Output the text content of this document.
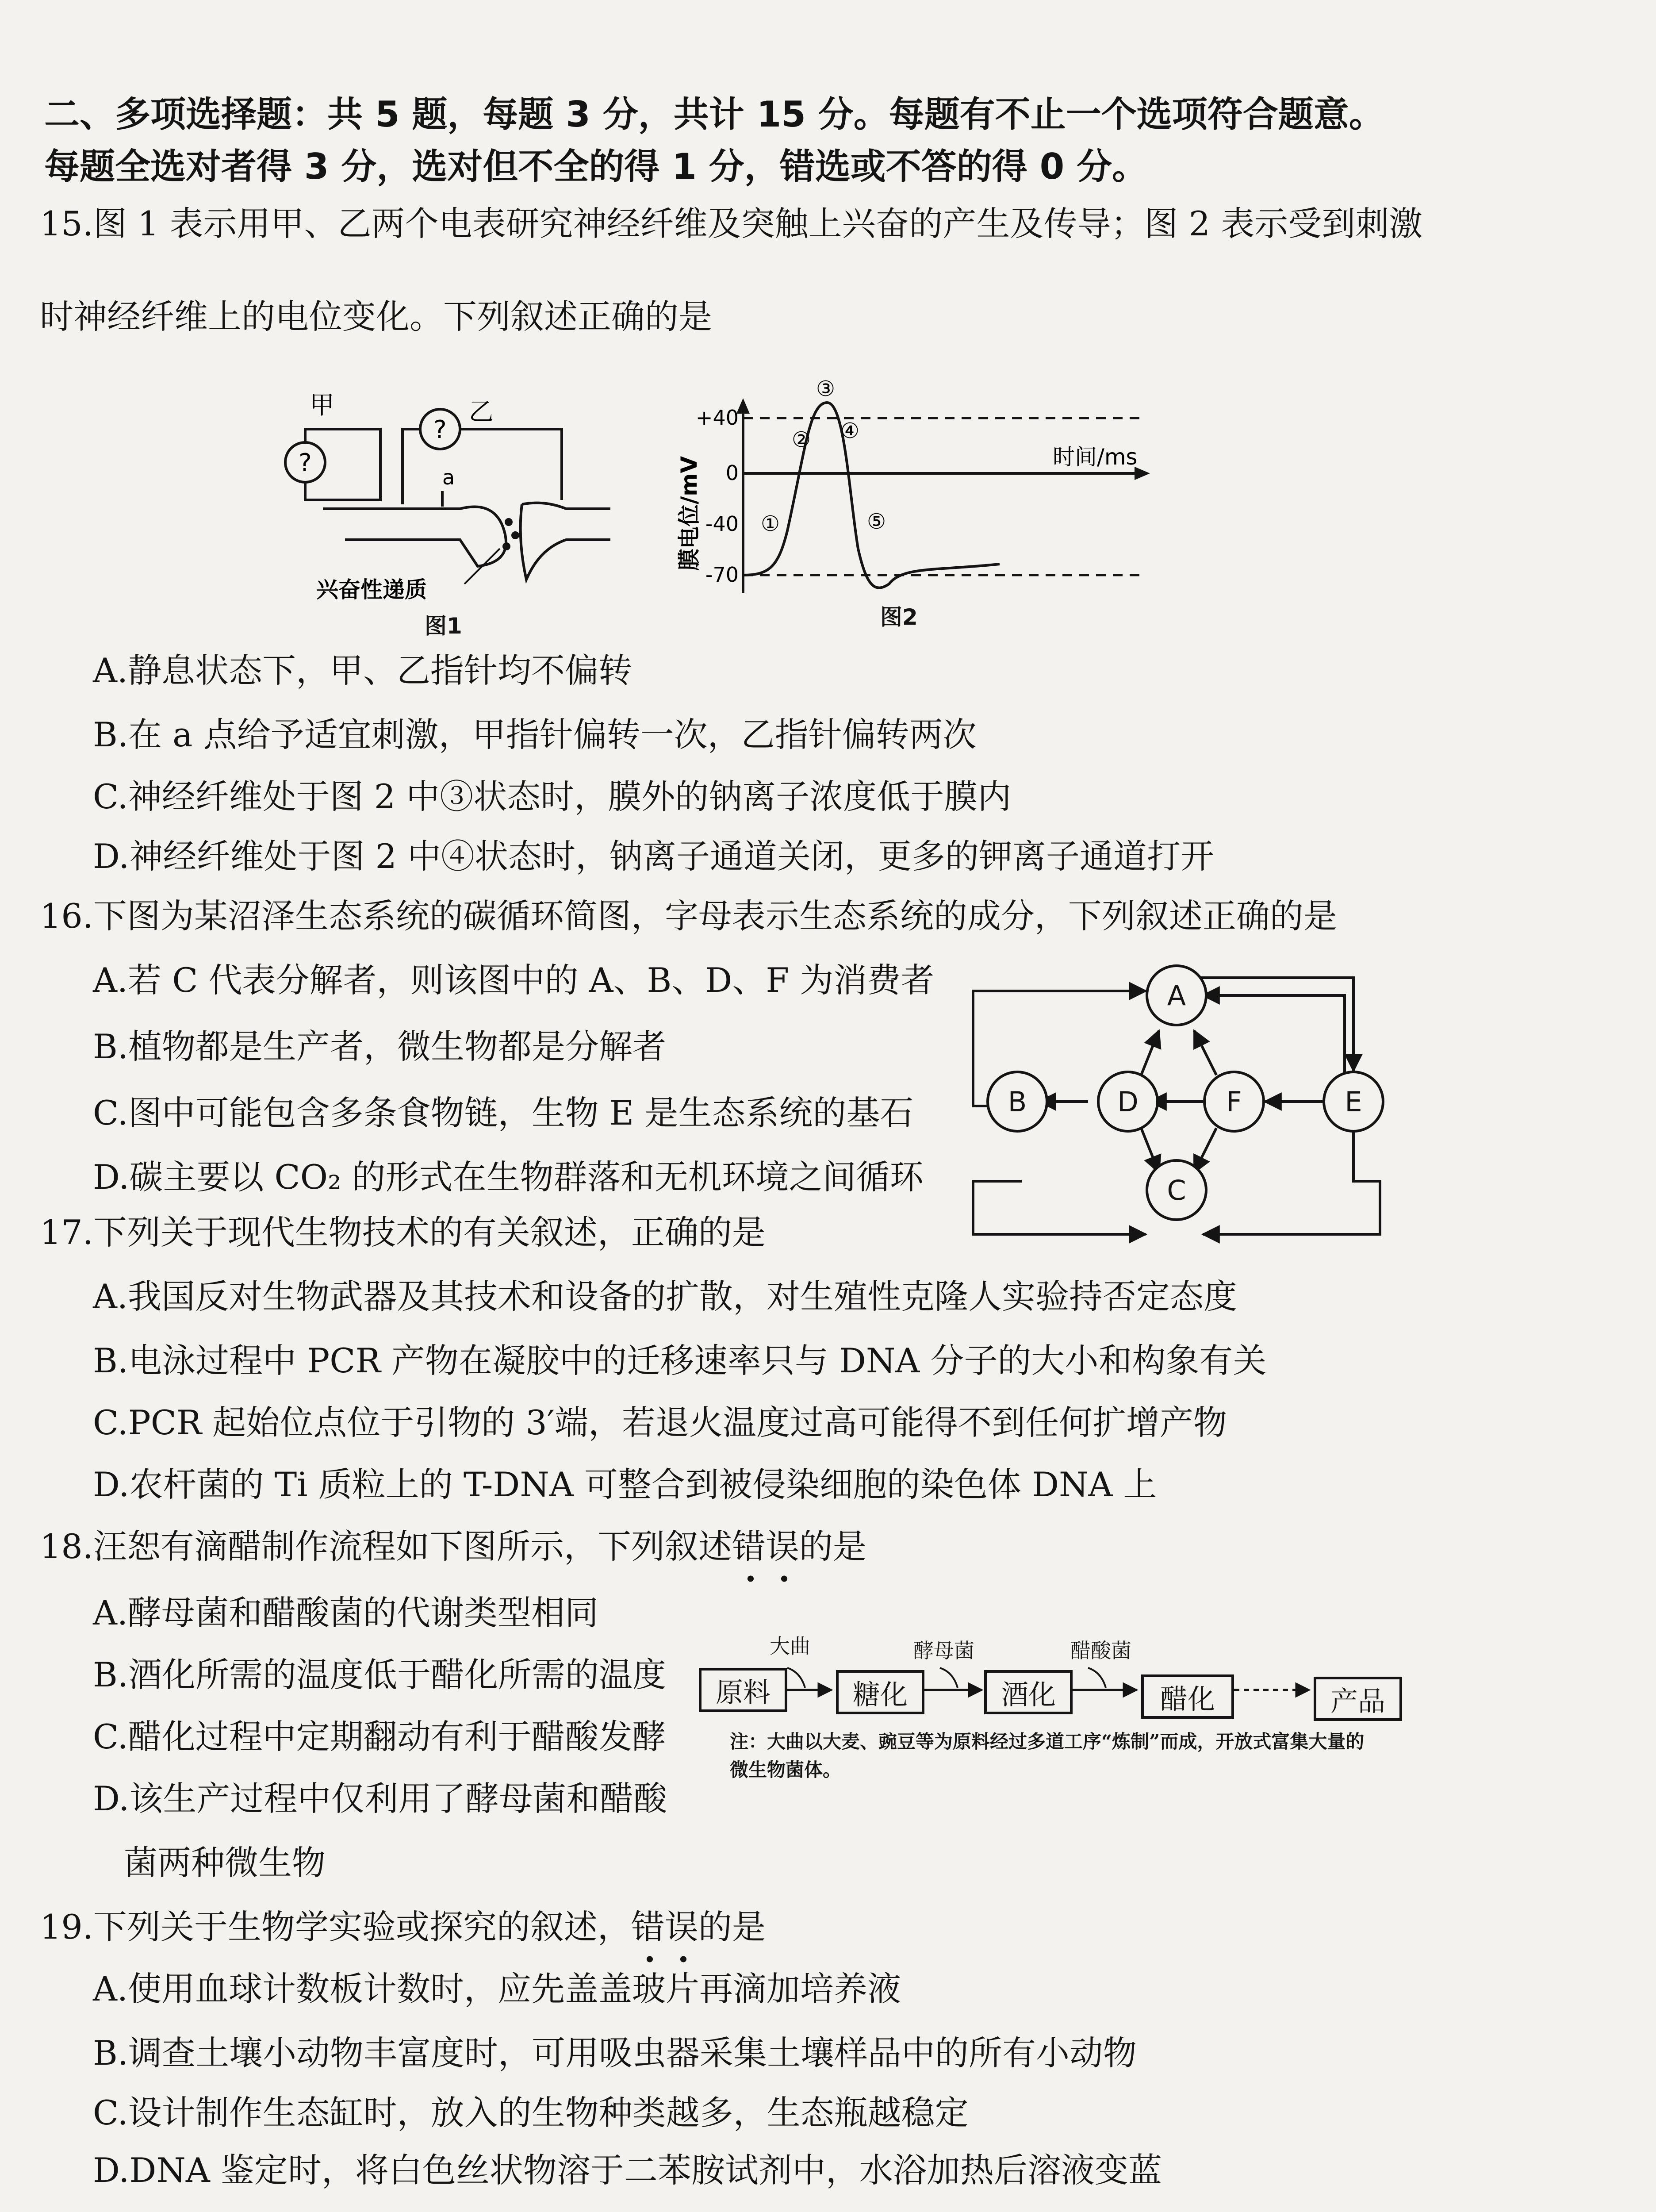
二、多项选择题：共 5 题，每题 3 分，共计 15 分。每题有不止一个选项符合题意。每题全选对者得 3 分，选对但不全的得 1 分，错选或不答的得 0 分。
15.图 1 表示用甲、乙两个电表研究神经纤维及突触上兴奋的产生及传导；图 2 表示受到刺激
时神经纤维上的电位变化。下列叙述正确的是
?
甲
?
乙
a
兴奋性递质
图1
+40
0
-40
-70
膜电位/mV	时间/ms
①
②
③
④
⑤
图2
A.静息状态下，甲、乙指针均不偏转
B.在 a 点给予适宜刺激，甲指针偏转一次，乙指针偏转两次
C.神经纤维处于图 2 中③状态时，膜外的钠离子浓度低于膜内
D.神经纤维处于图 2 中④状态时，钠离子通道关闭，更多的钾离子通道打开
16.下图为某沼泽生态系统的碳循环简图，字母表示生态系统的成分，下列叙述正确的是
A.若 C 代表分解者，则该图中的 A、B、D、F 为消费者
B.植物都是生产者，微生物都是分解者
C.图中可能包含多条食物链，生物 E 是生态系统的基石
D.碳主要以 CO₂ 的形式在生物群落和无机环境之间循环
A
B	D	F	E
C
17.下列关于现代生物技术的有关叙述，正确的是
A.我国反对生物武器及其技术和设备的扩散，对生殖性克隆人实验持否定态度
B.电泳过程中 PCR 产物在凝胶中的迁移速率只与 DNA 分子的大小和构象有关
C.PCR 起始位点位于引物的 3′端，若退火温度过高可能得不到任何扩增产物
D.农杆菌的 Ti 质粒上的 T-DNA 可整合到被侵染细胞的染色体 DNA 上
18.汪恕有滴醋制作流程如下图所示，下列叙述错误的是
A.酵母菌和醋酸菌的代谢类型相同
B.酒化所需的温度低于醋化所需的温度
C.醋化过程中定期翻动有利于醋酸发酵
D.该生产过程中仅利用了酵母菌和醋酸
菌两种微生物
大曲	酵母菌	醋酸菌
原料	糖化	酒化	醋化	产品
注：大曲以大麦、豌豆等为原料经过多道工序“炼制”而成，开放式富集大量的微生物菌体。
19.下列关于生物学实验或探究的叙述，错误的是
A.使用血球计数板计数时，应先盖盖玻片再滴加培养液
B.调查土壤小动物丰富度时，可用吸虫器采集土壤样品中的所有小动物
C.设计制作生态缸时，放入的生物种类越多，生态瓶越稳定
D.DNA 鉴定时，将白色丝状物溶于二苯胺试剂中，水浴加热后溶液变蓝
